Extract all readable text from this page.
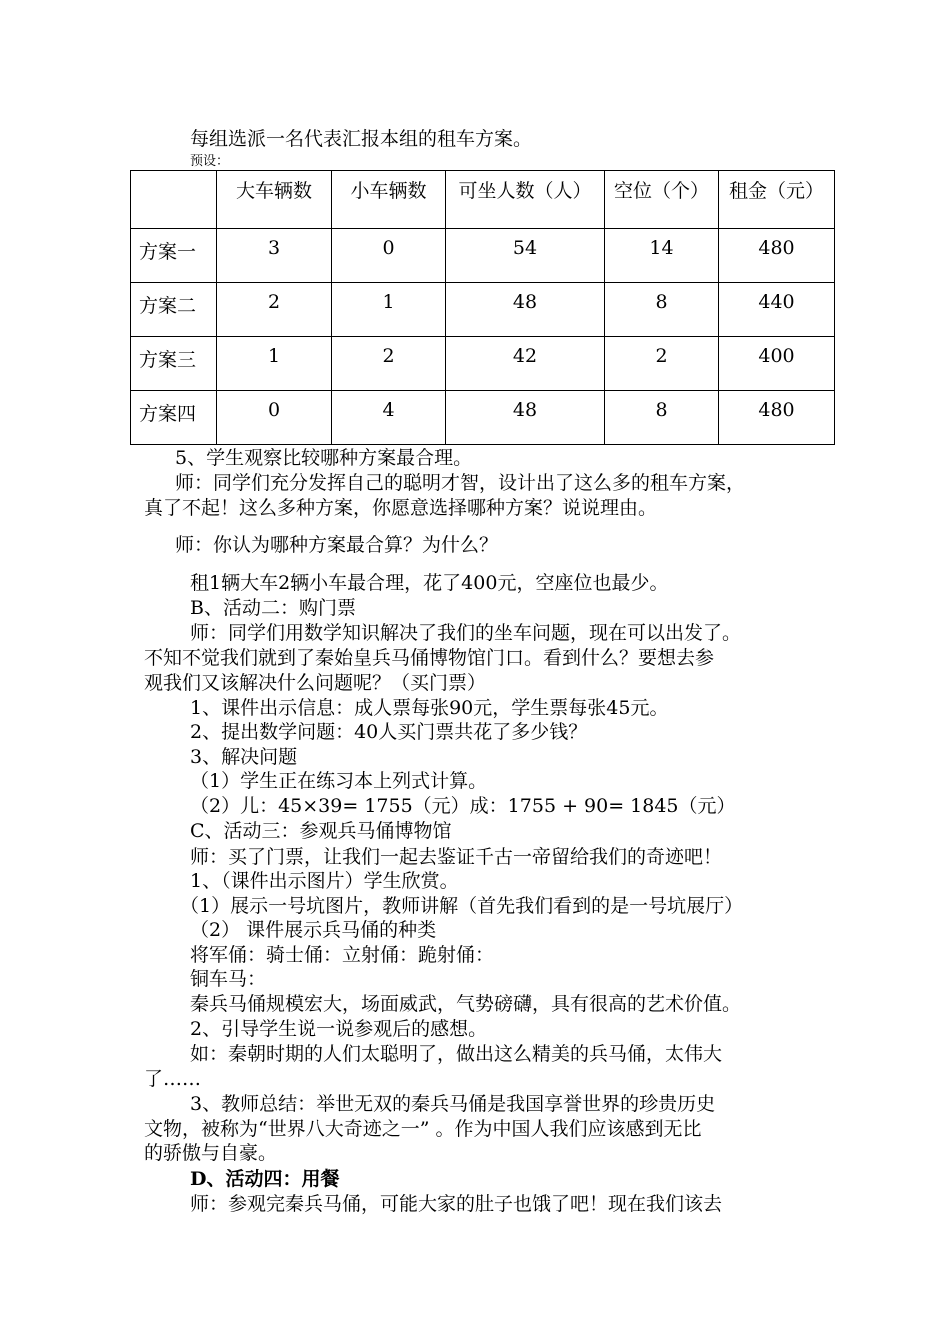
每组选派一名代表汇报本组的租车方案。
预设：
	大车辆数	小车辆数	可坐人数（人）	空位（个）	租金（元）
方案一	3	0	54	14	480
方案二	2	1	48	8	440
方案三	1	2	42	2	400
方案四	0	4	48	8	480
5、学生观察比较哪种方案最合理。
师：同学们充分发挥自己的聪明才智，设计出了这么多的租车方案，
真了不起！这么多种方案，你愿意选择哪种方案？说说理由。
师：你认为哪种方案最合算？为什么？
租1辆大车2辆小车最合理，花了400元，空座位也最少。
B、活动二：购门票
师：同学们用数学知识解决了我们的坐车问题，现在可以出发了。
不知不觉我们就到了秦始皇兵马俑博物馆门口。看到什么？要想去参
观我们又该解决什么问题呢？（买门票）
1、课件出示信息：成人票每张90元，学生票每张45元。
2、提出数学问题：40人买门票共花了多少钱？
3、解决问题
（1）学生正在练习本上列式计算。
（2）儿：45×39= 1755（元）成：1755 + 90= 1845（元）
C、活动三：参观兵马俑博物馆
师：买了门票，让我们一起去鉴证千古一帝留给我们的奇迹吧！
1、（课件出示图片）学生欣赏。
（1）展示一号坑图片，教师讲解（首先我们看到的是一号坑展厅）
（2） 课件展示兵马俑的种类
将军俑：骑士俑：立射俑：跪射俑：
铜车马：
秦兵马俑规模宏大，场面威武，气势磅礴，具有很高的艺术价值。
2、引导学生说一说参观后的感想。
如：秦朝时期的人们太聪明了，做出这么精美的兵马俑，太伟大
了……
3、教师总结：举世无双的秦兵马俑是我国享誉世界的珍贵历史
文物，被称为“世界八大奇迹之一” 。作为中国人我们应该感到无比
的骄傲与自豪。
D、活动四：用餐
师：参观完秦兵马俑，可能大家的肚子也饿了吧！现在我们该去
